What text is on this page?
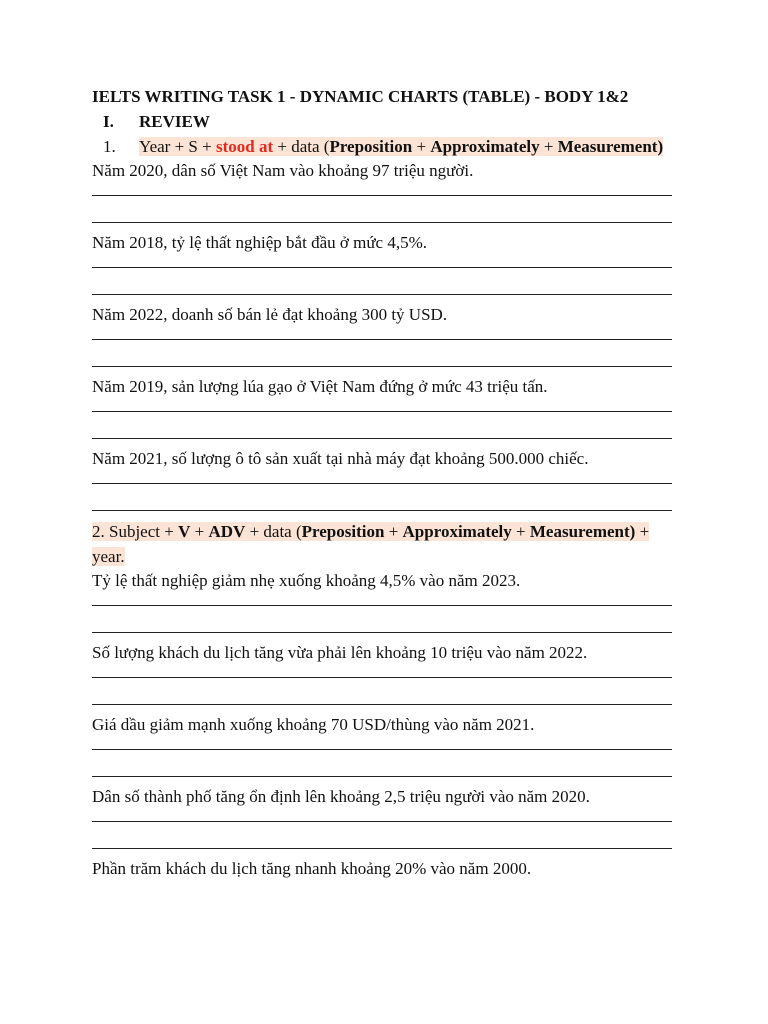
IELTS WRITING TASK 1 - DYNAMIC CHARTS (TABLE) - BODY 1&2

I. REVIEW
1. Year + S + stood at + data (Preposition + Approximately + Measurement)

Năm 2020, dân số Việt Nam vào khoảng 97 triệu người.

Năm 2018, tỷ lệ thất nghiệp bắt đầu ở mức 4,5%.

Năm 2022, doanh số bán lẻ đạt khoảng 300 tỷ USD.

Năm 2019, sản lượng lúa gạo ở Việt Nam đứng ở mức 43 triệu tấn.

Năm 2021, số lượng ô tô sản xuất tại nhà máy đạt khoảng 500.000 chiếc.

2. Subject + V + ADV + data (Preposition + Approximately + Measurement) + year.

Tỷ lệ thất nghiệp giảm nhẹ xuống khoảng 4,5% vào năm 2023.

Số lượng khách du lịch tăng vừa phải lên khoảng 10 triệu vào năm 2022.

Giá dầu giảm mạnh xuống khoảng 70 USD/thùng vào năm 2021.

Dân số thành phố tăng ổn định lên khoảng 2,5 triệu người vào năm 2020.

Phần trăm khách du lịch tăng nhanh khoảng 20% vào năm 2000.
